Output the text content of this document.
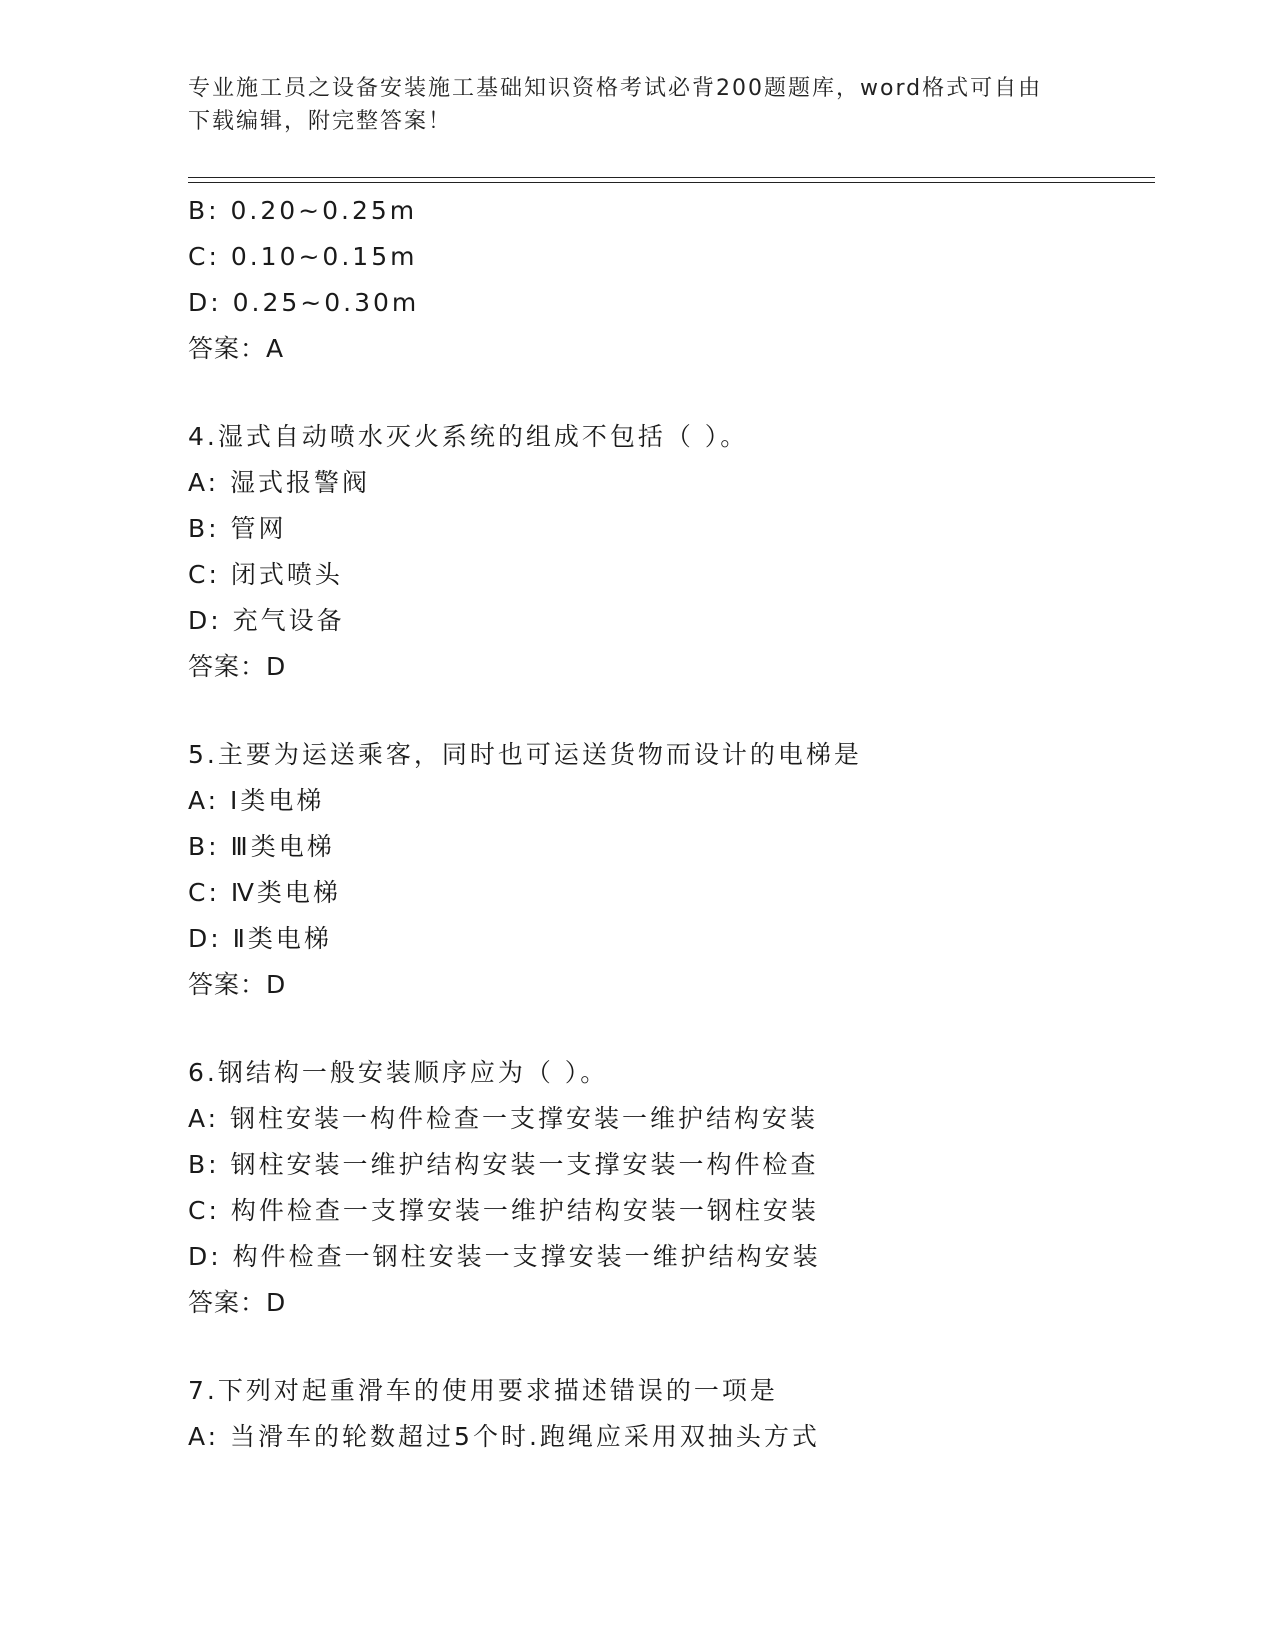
专业施工员之设备安装施工基础知识资格考试必背200题题库，word格式可自由
下载编辑，附完整答案！
B: 0.20~0.25m
C: 0.10~0.15m
D: 0.25~0.30m
答案：A
4.湿式自动喷水灭火系统的组成不包括（ ）。
A: 湿式报警阀
B: 管网
C: 闭式喷头
D: 充气设备
答案：D
5.主要为运送乘客，同时也可运送货物而设计的电梯是
A: Ⅰ类电梯
B: Ⅲ类电梯
C: Ⅳ类电梯
D: Ⅱ类电梯
答案：D
6.钢结构一般安装顺序应为（ ）。
A: 钢柱安装一构件检查一支撑安装一维护结构安装
B: 钢柱安装一维护结构安装一支撑安装一构件检查
C: 构件检查一支撑安装一维护结构安装一钢柱安装
D: 构件检查一钢柱安装一支撑安装一维护结构安装
答案：D
7.下列对起重滑车的使用要求描述错误的一项是
A: 当滑车的轮数超过5个时.跑绳应采用双抽头方式
